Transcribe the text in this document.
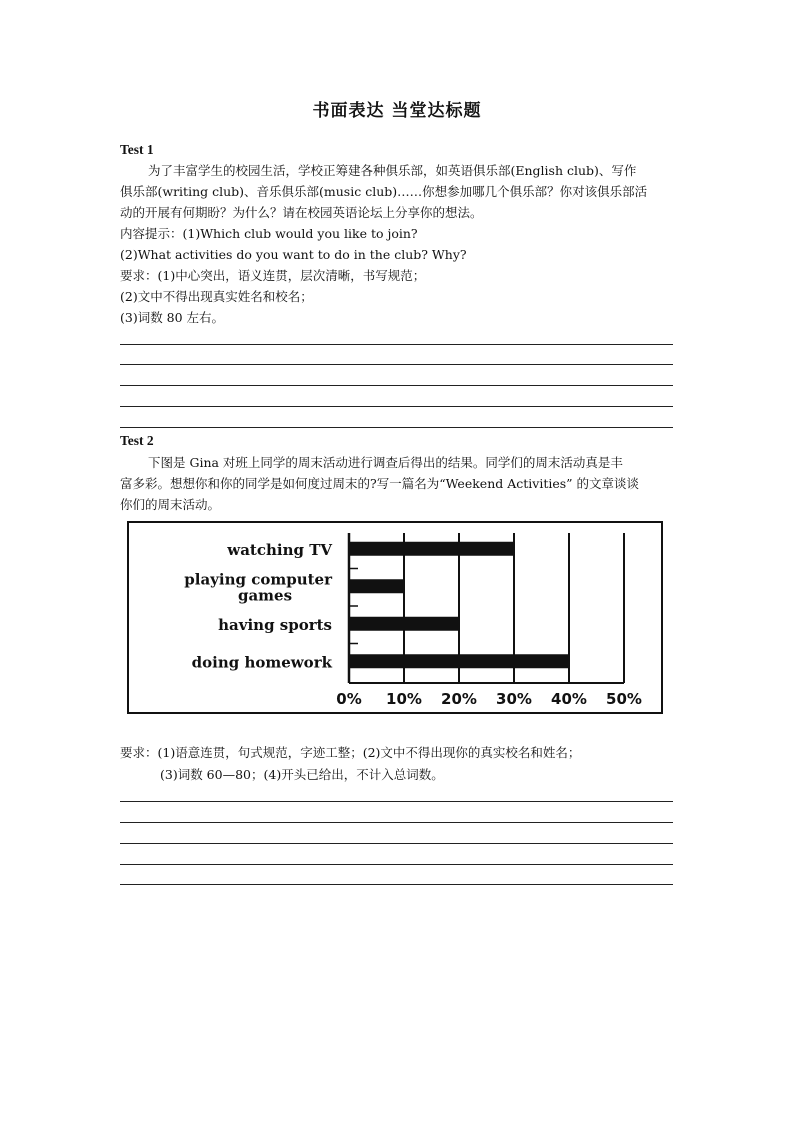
书面表达 当堂达标题
Test 1
为了丰富学生的校园生活，学校正筹建各种俱乐部，如英语俱乐部(English club)、写作
俱乐部(writing club)、音乐俱乐部(music club)……你想参加哪几个俱乐部？你对该俱乐部活
动的开展有何期盼？为什么？请在校园英语论坛上分享你的想法。
内容提示：(1)Which club would you like to join?
(2)What activities do you want to do in the club? Why?
要求：(1)中心突出，语义连贯，层次清晰，书写规范；
(2)文中不得出现真实姓名和校名；
(3)词数 80 左右。
Test 2
下图是 Gina 对班上同学的周末活动进行调查后得出的结果。同学们的周末活动真是丰
富多彩。想想你和你的同学是如何度过周末的?写一篇名为“Weekend Activities” 的文章谈谈
你们的周末活动。
watching TV
playing computer
games
having sports
doing homework
0% 10% 20% 30% 40% 50%
要求：(1)语意连贯，句式规范，字迹工整；(2)文中不得出现你的真实校名和姓名；
(3)词数 60—80；(4)开头已给出，不计入总词数。
